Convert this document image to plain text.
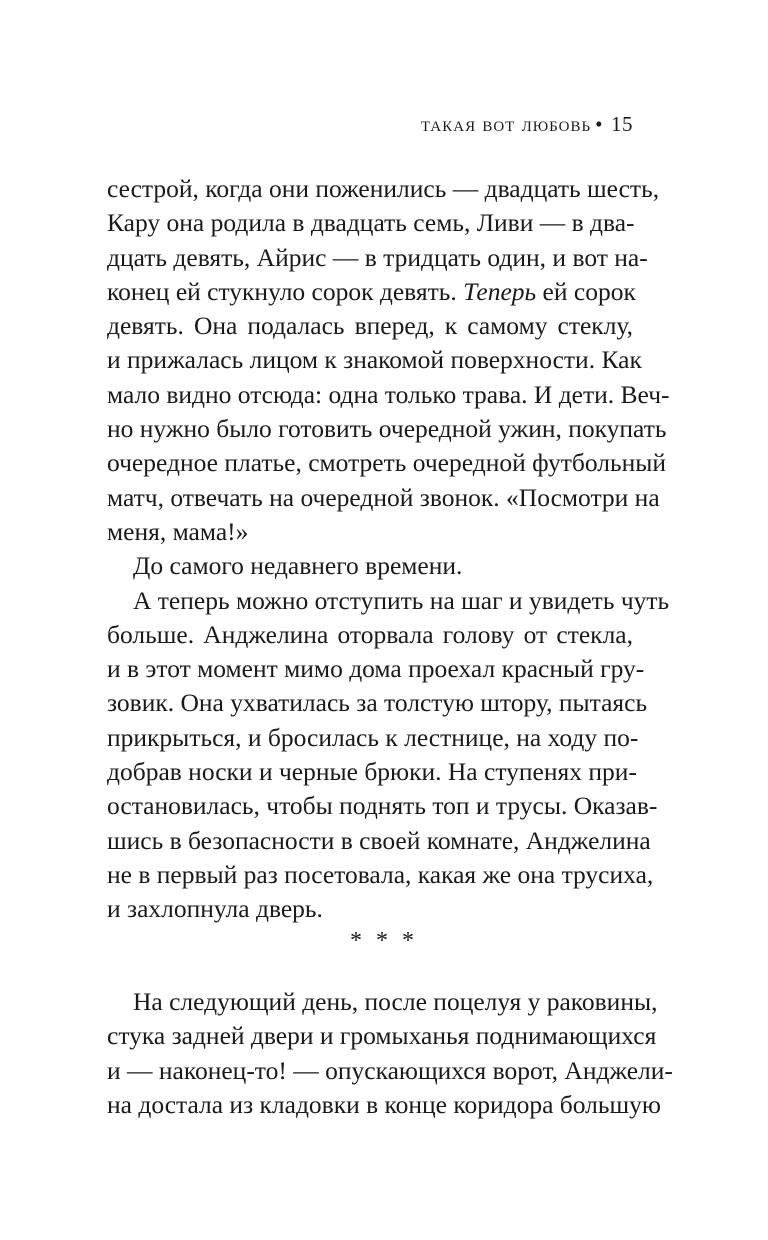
такая вот любовь • 15
сестрой, когда они поженились — двадцать шесть,
Кару она родила в двадцать семь, Ливи — в два-
дцать девять, Айрис — в тридцать один, и вот на-
конец ей стукнуло сорок девять. Теперь ей сорок
девять. Она подалась вперед, к самому стеклу,
и прижалась лицом к знакомой поверхности. Как
мало видно отсюда: одна только трава. И дети. Веч-
но нужно было готовить очередной ужин, покупать
очередное платье, смотреть очередной футбольный
матч, отвечать на очередной звонок. «Посмотри на
меня, мама!»
До самого недавнего времени.
А теперь можно отступить на шаг и увидеть чуть
больше. Анджелина оторвала голову от стекла,
и в этот момент мимо дома проехал красный гру-
зовик. Она ухватилась за толстую штору, пытаясь
прикрыться, и бросилась к лестнице, на ходу по-
добрав носки и черные брюки. На ступенях при-
остановилась, чтобы поднять топ и трусы. Оказав-
шись в безопасности в своей комнате, Анджелина
не в первый раз посетовала, какая же она трусиха,
и захлопнула дверь.
* * *
На следующий день, после поцелуя у раковины,
стука задней двери и громыханья поднимающихся
и — наконец-то! — опускающихся ворот, Анджели-
на достала из кладовки в конце коридора большую
